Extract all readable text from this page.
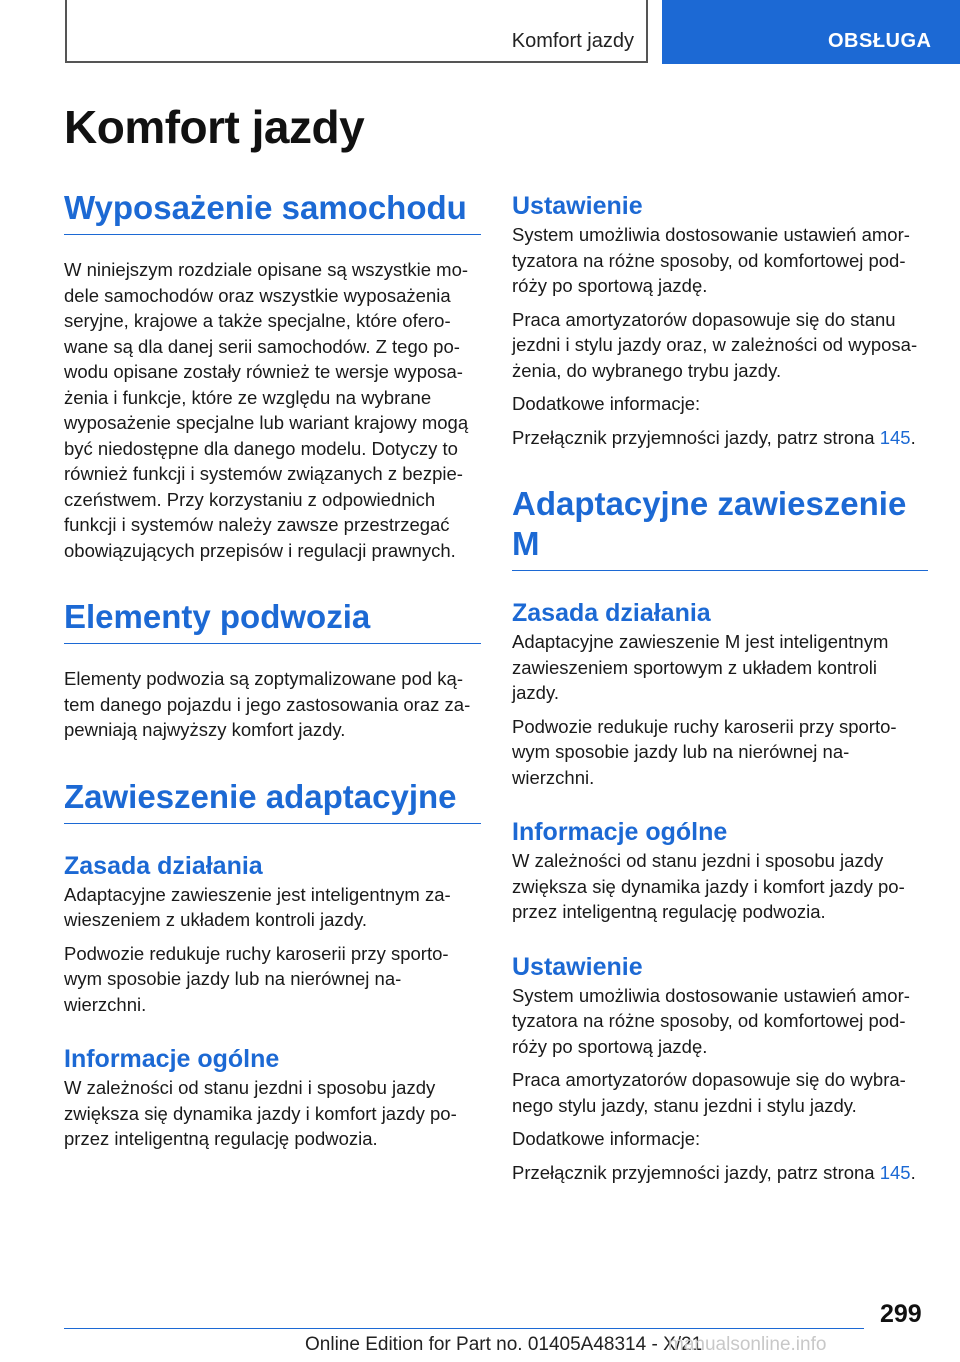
Komfort jazdy	OBSŁUGA
Komfort jazdy
Wyposażenie samochodu

W niniejszym rozdziale opisane są wszystkie mo-dele samochodów oraz wszystkie wyposażenia seryjne, krajowe a także specjalne, które ofero-wane są dla danej serii samochodów. Z tego po-wodu opisane zostały również te wersje wyposa-żenia i funkcje, które ze względu na wybrane wyposażenie specjalne lub wariant krajowy mogą być niedostępne dla danego modelu. Dotyczy to również funkcji i systemów związanych z bezpie-czeństwem. Przy korzystaniu z odpowiednich funkcji i systemów należy zawsze przestrzegać obowiązujących przepisów i regulacji prawnych.

Elementy podwozia

Elementy podwozia są zoptymalizowane pod ką-tem danego pojazdu i jego zastosowania oraz za-pewniają najwyższy komfort jazdy.

Zawieszenie adaptacyjne
Zasada działania

Adaptacyjne zawieszenie jest inteligentnym za-wieszeniem z układem kontroli jazdy.

Podwozie redukuje ruchy karoserii przy sporto-wym sposobie jazdy lub na nierównej na-wierzchni.

Informacje ogólne

W zależności od stanu jezdni i sposobu jazdy zwiększa się dynamika jazdy i komfort jazdy po-przez inteligentną regulację podwozia.

Ustawienie

System umożliwia dostosowanie ustawień amor-tyzatora na różne sposoby, od komfortowej pod-róży po sportową jazdę.

Praca amortyzatorów dopasowuje się do stanu jezdni i stylu jazdy oraz, w zależności od wyposa-żenia, do wybranego trybu jazdy.

Dodatkowe informacje:

Przełącznik przyjemności jazdy, patrz strona 145.

Adaptacyjne zawieszenie M
Zasada działania

Adaptacyjne zawieszenie M jest inteligentnym zawieszeniem sportowym z układem kontroli jazdy.

Podwozie redukuje ruchy karoserii przy sporto-wym sposobie jazdy lub na nierównej na-wierzchni.

Informacje ogólne

W zależności od stanu jezdni i sposobu jazdy zwiększa się dynamika jazdy i komfort jazdy po-przez inteligentną regulację podwozia.

Ustawienie

System umożliwia dostosowanie ustawień amor-tyzatora na różne sposoby, od komfortowej pod-róży po sportową jazdę.

Praca amortyzatorów dopasowuje się do wybra-nego stylu jazdy, stanu jezdni i stylu jazdy.

Dodatkowe informacje:

Przełącznik przyjemności jazdy, patrz strona 145.

299
Online Edition for Part no. 01405A48314 - X/21
manualsonline.info
